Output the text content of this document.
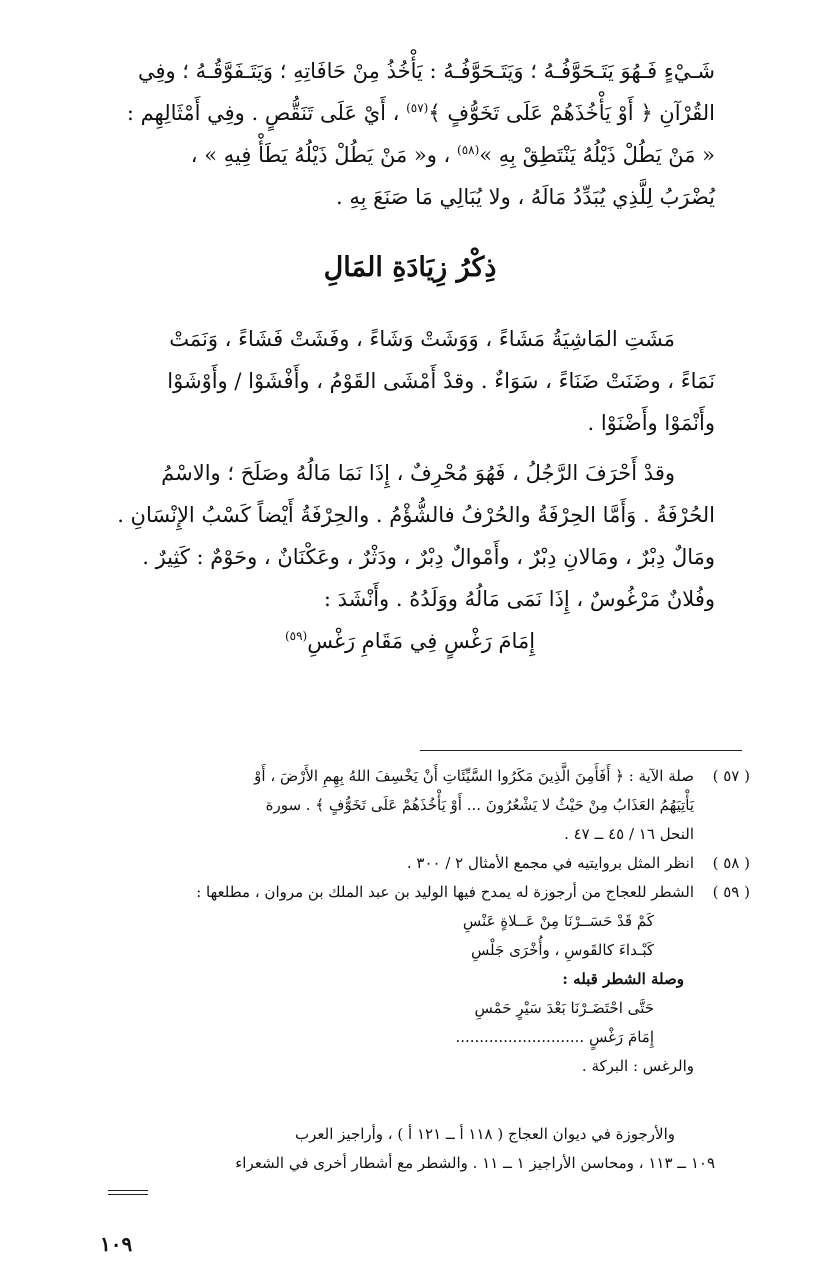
شَـيْءٍ فَـهُوَ يَتَـحَوَّفُـهُ ؛ وَيَتَـحَوَّفُـهُ : يَأْخُذُ مِنْ حَافَاتِهِ ؛ وَيَتَـفَوَّقُـهُ ؛ وفِي

القُرْآنِ ﴿ أَوْ يَأْخُذَهُمْ عَلَى تَخَوُّفٍ ﴾$^{(٥٧)}$ ، أَيْ عَلَى تَنَقُّصٍ . وفِي أَمْثَالِهِم :

« مَنْ يَطُلْ ذَيْلُهُ يَنْتَطِقْ بِهِ »$^{(٥٨)}$ ، و« مَنْ يَطُلْ ذَيْلُهُ يَطَأْ فِيهِ » ،

يُضْرَبُ لِلَّذِي يُبَدِّدُ مَالَهُ ، ولا يُبَالِي مَا صَنَعَ بِهِ .

ذِكْرُ زِيَادَةِ المَالِ

مَشَتِ المَاشِيَةُ مَشَاءً ، وَوَشَتْ وَشَاءً ، وفَشَتْ فَشَاءً ، وَنَمَتْ

نَمَاءً ، وضَنَتْ ضَنَاءً ، سَوَاءٌ . وقدْ أَمْشَى القَوْمُ ، وأَفْشَوْا / وأَوْشَوْا

وأَنْمَوْا وأَضْنَوْا .

وقدْ أَحْرَفَ الرَّجُلُ ، فَهُوَ مُحْرِفٌ ، إِذَا نَمَا مَالُهُ وصَلَحَ ؛ والاسْمُ

الحُرْفَةُ . وَأَمَّا الحِرْفَةُ والحُرْفُ فالشُّؤْمُ . والحِرْفَةُ أَيْضاً كَسْبُ الإِنْسَانِ .

ومَالٌ دِبْرٌ ، ومَالانِ دِبْرٌ ، وأَمْوالٌ دِبْرٌ ، ودَثْرٌ ، وعَكْنَانٌ ، وحَوْمٌ : كَثِيرٌ .

وفُلانٌ مَرْغُوسٌ ، إِذَا نَمَى مَالُهُ ووَلَدُهُ . وأَنْشَدَ :

إِمَامَ رَغْسٍ فِي مَقَامِ رَغْسِ$^{(٥٩)}$

( ٥٧ )
صلة الآية : ﴿ أَفَأَمِنَ الَّذِينَ مَكَرُوا السَّيِّئَاتِ أَنْ يَخْسِفَ اللهُ بِهِمِ الأَرْضَ ، أَوْ
يَأْتِيَهُمُ العَذَابُ مِنْ حَيْثُ لا يَشْعُرُونَ ... أَوْ يَأْخُذَهُمْ عَلَى تَخَوُّفٍ ﴾ . سورة
النحل ١٦ / ٤٥ ــ ٤٧ .
( ٥٨ )
انظر المثل بروايتيه في مجمع الأمثال ٢ / ٣٠٠ .
( ٥٩ )
الشطر للعجاج من أرجوزة له يمدح فيها الوليد بن عبد الملك بن مروان ، مطلعها :
كَمْ قَدْ حَسَــرْنَا مِنْ عَــلاةٍ عَنْسِ
كَبْـداءَ كالقَوسِ ، وأُخْرَى جَلْسِ
وصلة الشطر قبله :
حَتَّى احْتَضَـرْنَا بَعْدَ سَيْرٍ حَمْسِ
إِمَامَ رَغْسٍ ...........................
والرغس : البركة .
والأرجوزة في ديوان العجاج ( ١١٨ أ ــ ١٢١ أ ) ، وأراجيز العرب
١٠٩ ــ ١١٣ ، ومحاسن الأراجيز ١ ــ ١١ . والشطر مع أشطار أخرى في الشعراء
١٠٩
